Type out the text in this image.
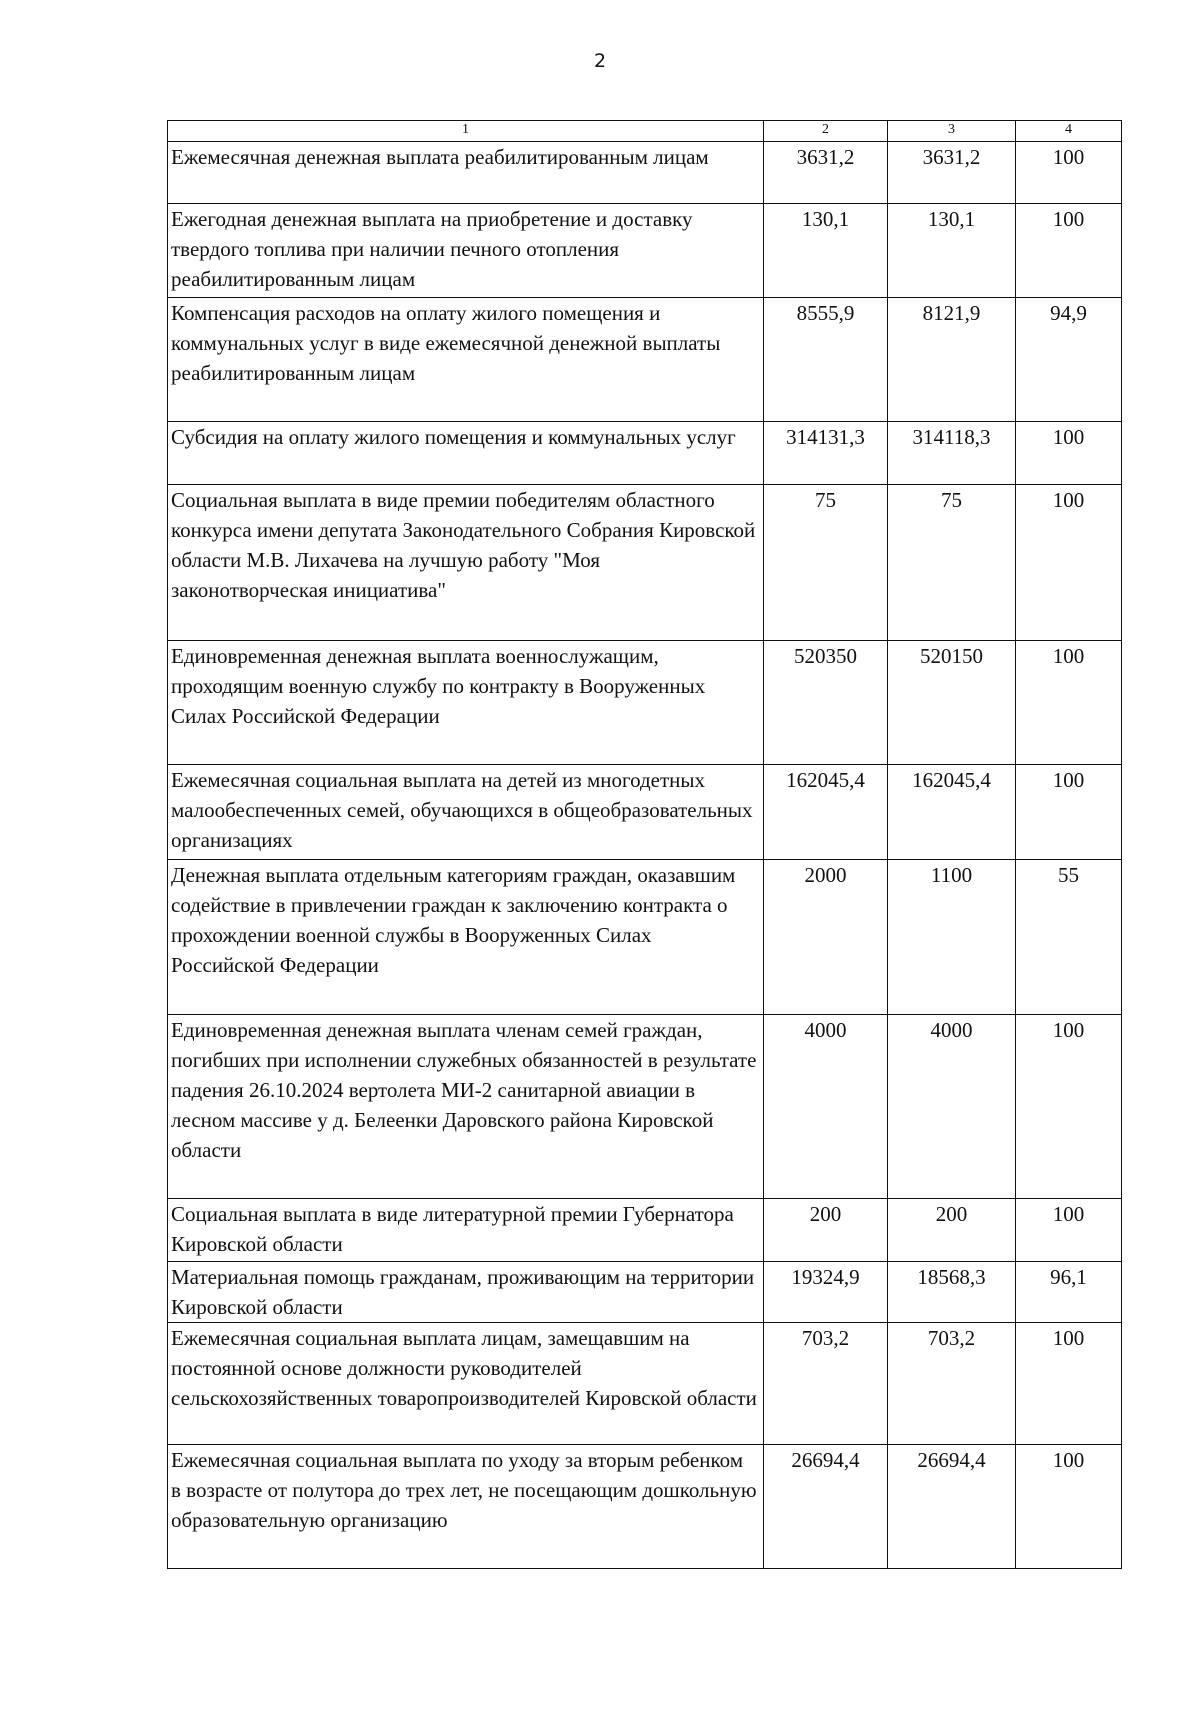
2
1	2	3	4
Ежемесячная денежная выплата реабилитированным лицам	3631,2	3631,2	100
Ежегодная денежная выплата на приобретение и доставку твердого топлива при наличии печного отопления реабилитированным лицам	130,1	130,1	100
Компенсация расходов на оплату жилого помещения и коммунальных услуг в виде ежемесячной денежной выплаты реабилитированным лицам	8555,9	8121,9	94,9
Субсидия на оплату жилого помещения и коммунальных услуг	314131,3	314118,3	100
Социальная выплата в виде премии победителям областного конкурса имени депутата Законодательного Собрания Кировской области М.В. Лихачева на лучшую работу "Моя законотворческая инициатива"	75	75	100
Единовременная денежная выплата военнослужащим, проходящим военную службу по контракту в Вооруженных Силах Российской Федерации	520350	520150	100
Ежемесячная социальная выплата на детей из многодетных малообеспеченных семей, обучающихся в общеобразовательных организациях	162045,4	162045,4	100
Денежная выплата отдельным категориям граждан, оказавшим содействие в привлечении граждан к заключению контракта о прохождении военной службы в Вооруженных Силах Российской Федерации	2000	1100	55
Единовременная денежная выплата членам семей граждан, погибших при исполнении служебных обязанностей в результате падения 26.10.2024 вертолета МИ-2 санитарной авиации в лесном массиве у д. Белеенки Даровского района Кировской области	4000	4000	100
Социальная выплата в виде литературной премии Губернатора Кировской области	200	200	100
Материальная помощь гражданам, проживающим на территории Кировской области	19324,9	18568,3	96,1
Ежемесячная социальная выплата лицам, замещавшим на постоянной основе должности руководителей сельскохозяйственных товаропроизводителей Кировской области	703,2	703,2	100
Ежемесячная социальная выплата по уходу за вторым ребенком в возрасте от полутора до трех лет, не посещающим дошкольную образовательную организацию	26694,4	26694,4	100
